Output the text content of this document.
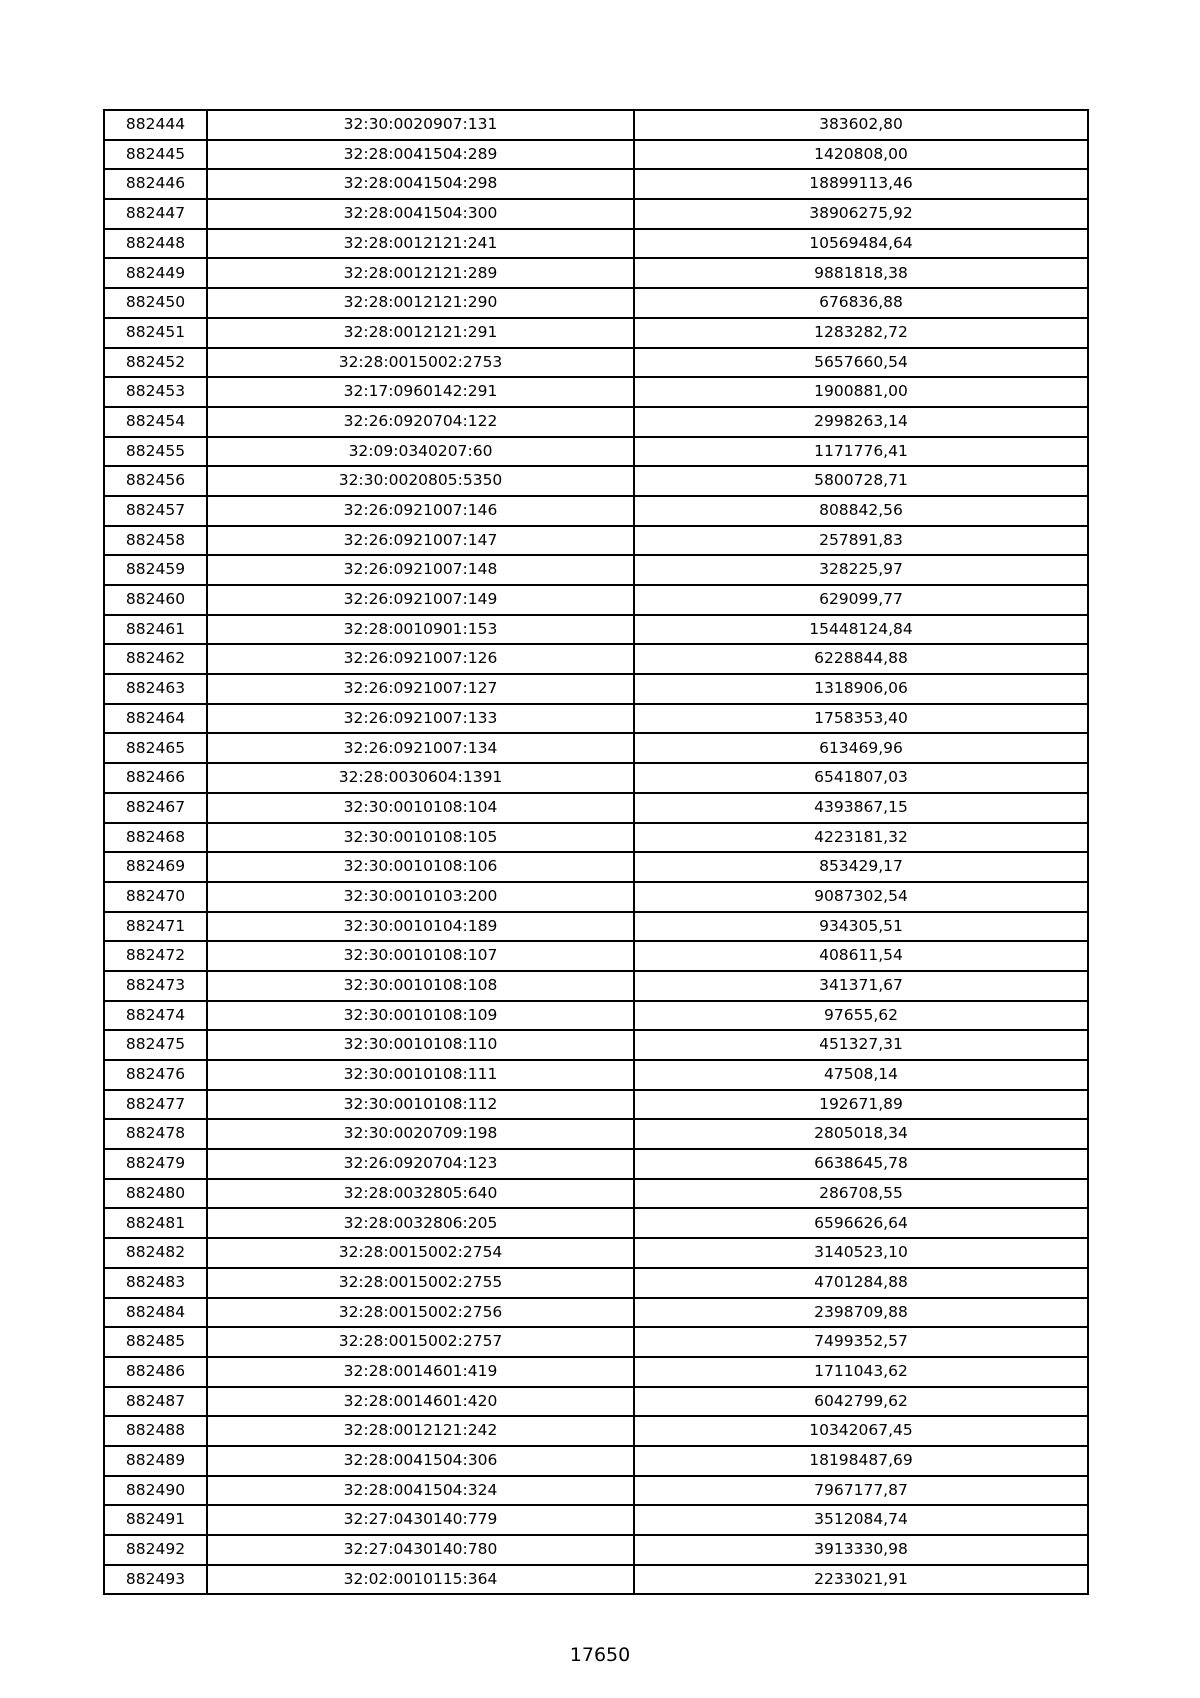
882444	32:30:0020907:131	383602,80
882445	32:28:0041504:289	1420808,00
882446	32:28:0041504:298	18899113,46
882447	32:28:0041504:300	38906275,92
882448	32:28:0012121:241	10569484,64
882449	32:28:0012121:289	9881818,38
882450	32:28:0012121:290	676836,88
882451	32:28:0012121:291	1283282,72
882452	32:28:0015002:2753	5657660,54
882453	32:17:0960142:291	1900881,00
882454	32:26:0920704:122	2998263,14
882455	32:09:0340207:60	1171776,41
882456	32:30:0020805:5350	5800728,71
882457	32:26:0921007:146	808842,56
882458	32:26:0921007:147	257891,83
882459	32:26:0921007:148	328225,97
882460	32:26:0921007:149	629099,77
882461	32:28:0010901:153	15448124,84
882462	32:26:0921007:126	6228844,88
882463	32:26:0921007:127	1318906,06
882464	32:26:0921007:133	1758353,40
882465	32:26:0921007:134	613469,96
882466	32:28:0030604:1391	6541807,03
882467	32:30:0010108:104	4393867,15
882468	32:30:0010108:105	4223181,32
882469	32:30:0010108:106	853429,17
882470	32:30:0010103:200	9087302,54
882471	32:30:0010104:189	934305,51
882472	32:30:0010108:107	408611,54
882473	32:30:0010108:108	341371,67
882474	32:30:0010108:109	97655,62
882475	32:30:0010108:110	451327,31
882476	32:30:0010108:111	47508,14
882477	32:30:0010108:112	192671,89
882478	32:30:0020709:198	2805018,34
882479	32:26:0920704:123	6638645,78
882480	32:28:0032805:640	286708,55
882481	32:28:0032806:205	6596626,64
882482	32:28:0015002:2754	3140523,10
882483	32:28:0015002:2755	4701284,88
882484	32:28:0015002:2756	2398709,88
882485	32:28:0015002:2757	7499352,57
882486	32:28:0014601:419	1711043,62
882487	32:28:0014601:420	6042799,62
882488	32:28:0012121:242	10342067,45
882489	32:28:0041504:306	18198487,69
882490	32:28:0041504:324	7967177,87
882491	32:27:0430140:779	3512084,74
882492	32:27:0430140:780	3913330,98
882493	32:02:0010115:364	2233021,91
17650
